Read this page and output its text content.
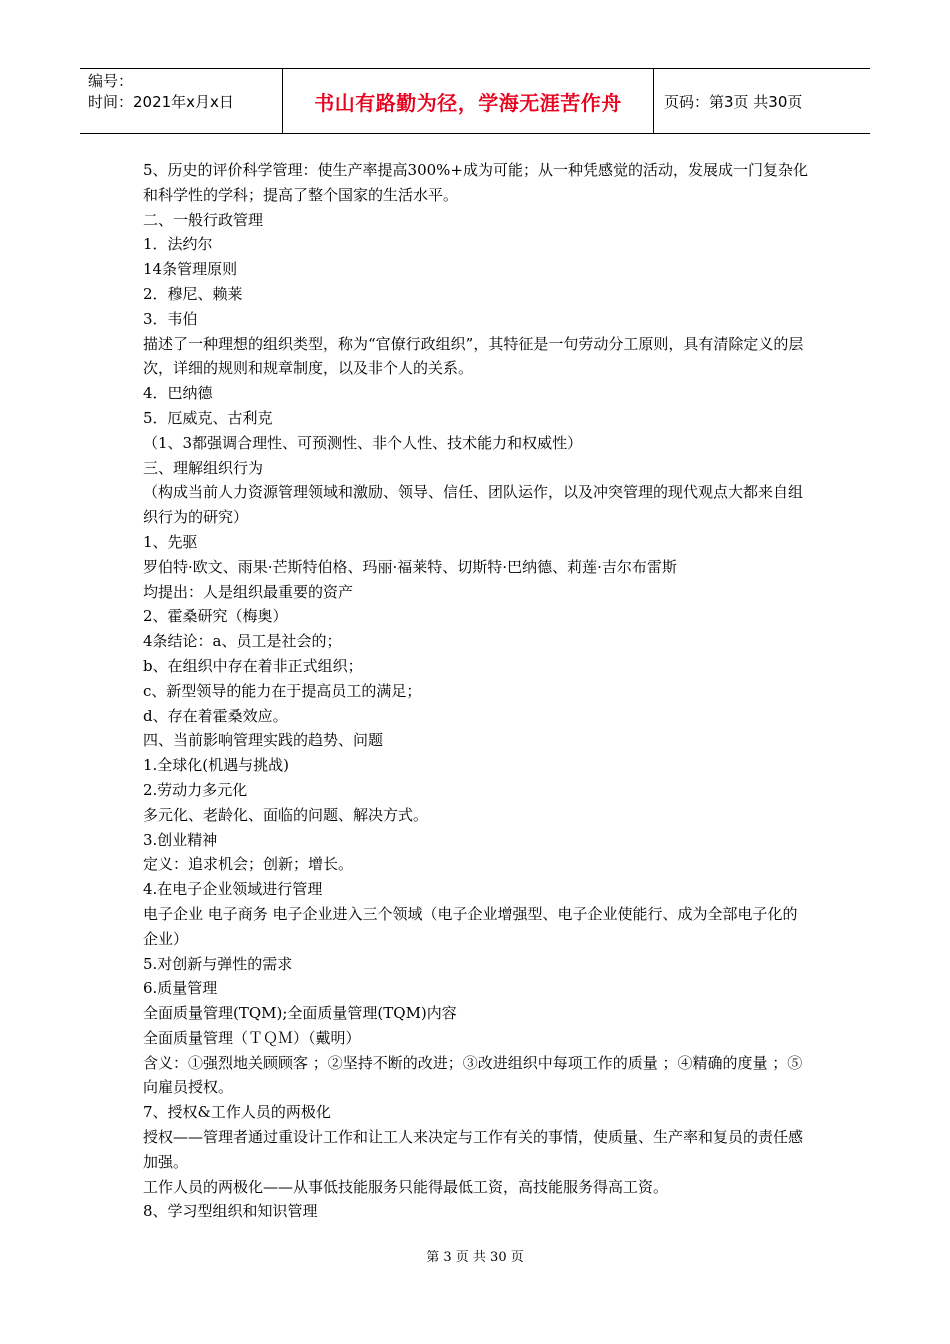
编号：
时间：2021年x月x日	书山有路勤为径，学海无涯苦作舟	页码：第3页 共30页

5、历史的评价科学管理：使生产率提高300%+成为可能；从一种凭感觉的活动，发展成一门复杂化和科学性的学科；提高了整个国家的生活水平。

二、一般行政管理

1．法约尔

14条管理原则

2．穆尼、赖莱

3．韦伯

描述了一种理想的组织类型，称为“官僚行政组织”，其特征是一句劳动分工原则，具有清除定义的层次，详细的规则和规章制度，以及非个人的关系。

4．巴纳德

5．厄威克、古利克

（1、3都强调合理性、可预测性、非个人性、技术能力和权威性）

三、理解组织行为

（构成当前人力资源管理领域和激励、领导、信任、团队运作，以及冲突管理的现代观点大都来自组织行为的研究）

1、先驱

罗伯特·欧文、雨果·芒斯特伯格、玛丽·福莱特、切斯特·巴纳德、莉莲·吉尔布雷斯

均提出：人是组织最重要的资产

2、霍桑研究（梅奥）

4条结论：a、员工是社会的；

b、在组织中存在着非正式组织；

c、新型领导的能力在于提高员工的满足；

d、存在着霍桑效应。

四、当前影响管理实践的趋势、问题

1.全球化(机遇与挑战)

2.劳动力多元化

多元化、老龄化、面临的问题、解决方式。

3.创业精神

定义：追求机会；创新；增长。

4.在电子企业领域进行管理

电子企业 电子商务 电子企业进入三个领域（电子企业增强型、电子企业使能行、成为全部电子化的企业）

5.对创新与弹性的需求

6.质量管理

全面质量管理(TQM);全面质量管理(TQM)内容

全面质量管理（ＴＱＭ）（戴明）

含义：①强烈地关顾顾客 ；②坚持不断的改进；③改进组织中每项工作的质量 ；④精确的度量 ；⑤向雇员授权。

7、授权&工作人员的两极化

授权——管理者通过重设计工作和让工人来决定与工作有关的事情，使质量、生产率和复员的责任感加强。

工作人员的两极化——从事低技能服务只能得最低工资，高技能服务得高工资。

8、学习型组织和知识管理

第 3 页 共 30 页
